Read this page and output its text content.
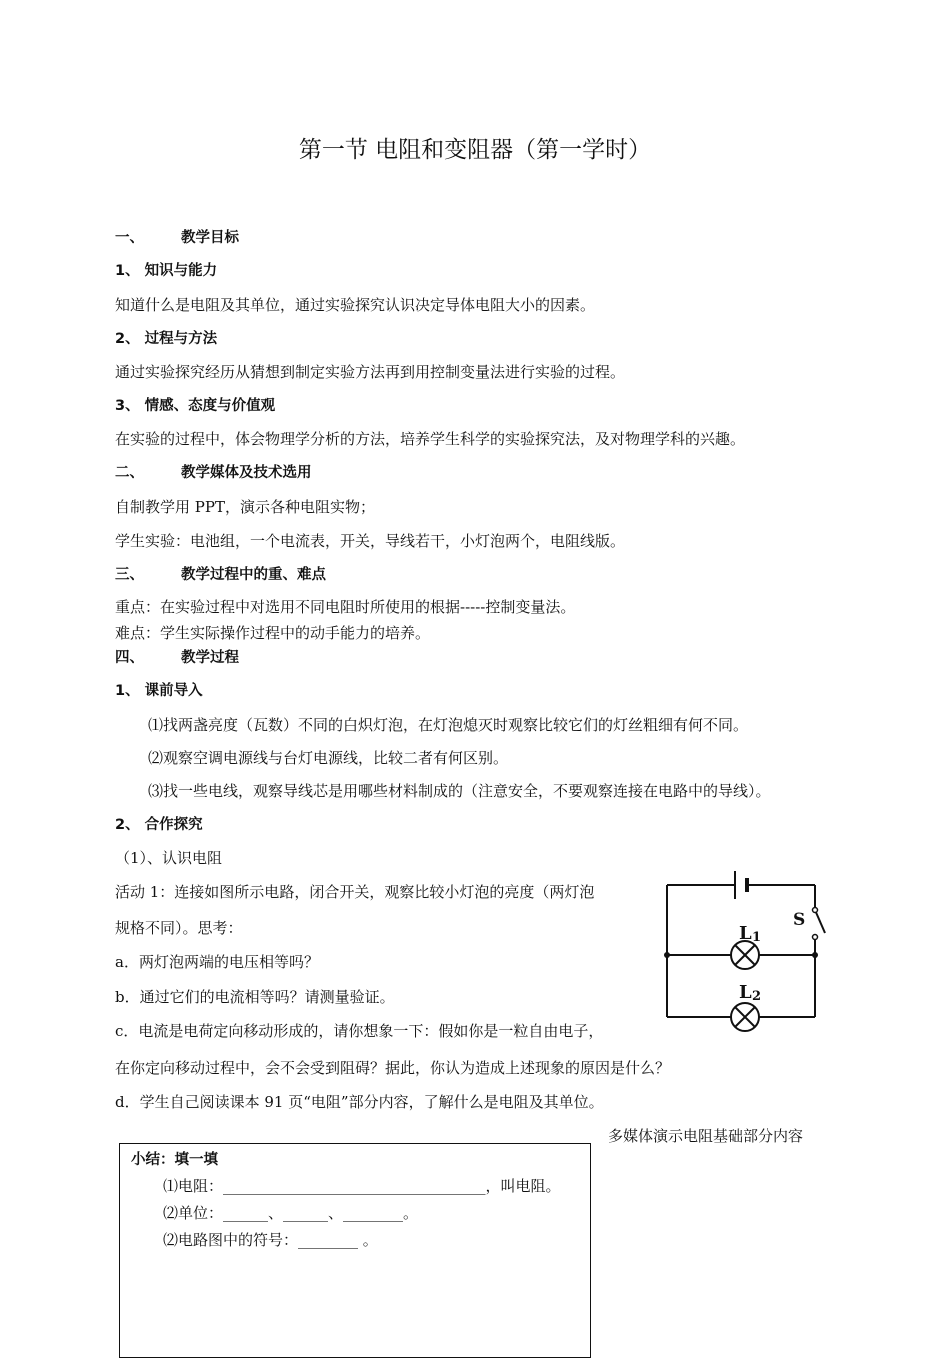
第一节 电阻和变阻器（第一学时）
一、	教学目标
1、 知识与能力
知道什么是电阻及其单位，通过实验探究认识决定导体电阻大小的因素。
2、 过程与方法
通过实验探究经历从猜想到制定实验方法再到用控制变量法进行实验的过程。
3、 情感、态度与价值观
在实验的过程中，体会物理学分析的方法，培养学生科学的实验探究法，及对物理学科的兴趣。
二、	教学媒体及技术选用
自制教学用 PPT，演示各种电阻实物；
学生实验：电池组，一个电流表，开关，导线若干，小灯泡两个，电阻线版。
三、	教学过程中的重、难点
重点：在实验过程中对选用不同电阻时所使用的根据-----控制变量法。
难点：学生实际操作过程中的动手能力的培养。
四、	教学过程
1、 课前导入
⑴找两盏亮度（瓦数）不同的白炽灯泡，在灯泡熄灭时观察比较它们的灯丝粗细有何不同。
⑵观察空调电源线与台灯电源线，比较二者有何区别。
⑶找一些电线，观察导线芯是用哪些材料制成的（注意安全，不要观察连接在电路中的导线）。
2、 合作探究
（1）、认识电阻
活动 1：连接如图所示电路，闭合开关，观察比较小灯泡的亮度（两灯泡
规格不同）。思考：
a．两灯泡两端的电压相等吗？
b．通过它们的电流相等吗？请测量验证。
c．电流是电荷定向移动形成的，请你想象一下：假如你是一粒自由电子，
在你定向移动过程中，会不会受到阻碍？据此，你认为造成上述现象的原因是什么？
d．学生自己阅读课本 91 页“电阻”部分内容，了解什么是电阻及其单位。
多媒体演示电阻基础部分内容
S
L 1
L 2
小结：填一填
⑴电阻：___________________________________，叫电阻。
⑵单位：______、______、________。
⑵电路图中的符号：________ 。
